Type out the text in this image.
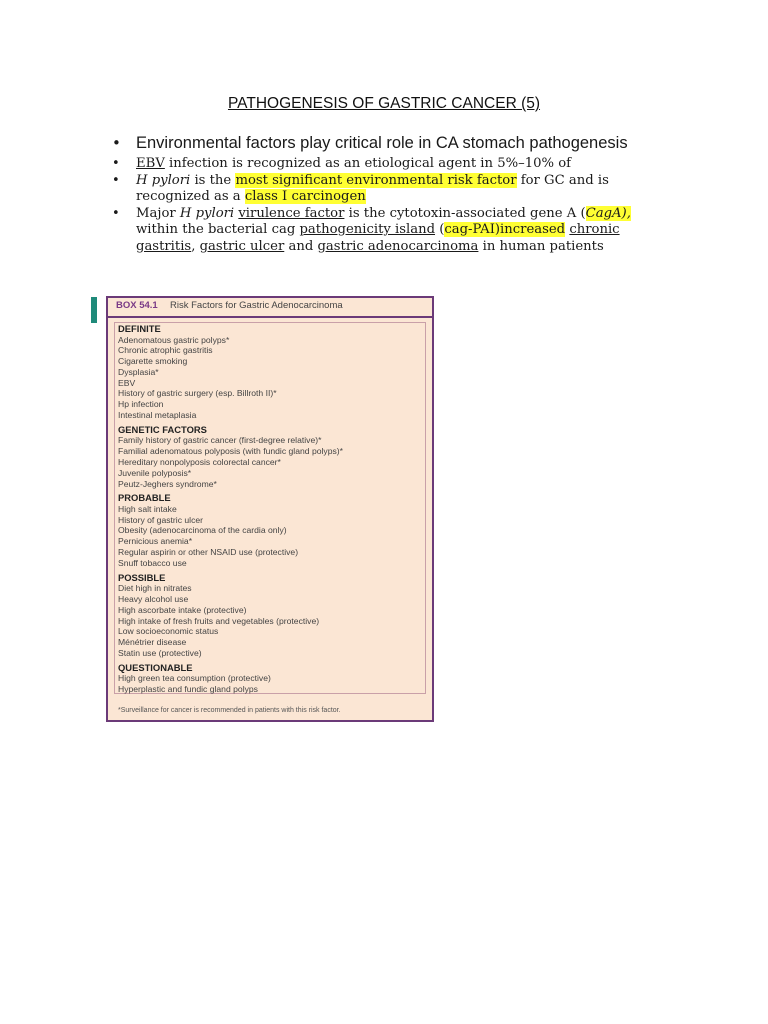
PATHOGENESIS OF GASTRIC CANCER (5)
• Environmental factors play critical role in CA stomach pathogenesis
• EBV infection is recognized as an etiological agent in 5%–10% of
• H pylori is the most significant environmental risk factor for GC and is recognized as a class I carcinogen
• Major H pylori virulence factor is the cytotoxin-associated gene A (CagA), within the bacterial cag pathogenicity island (cag-PAI)increased chronic gastritis, gastric ulcer and gastric adenocarcinoma in human patients
BOX 54.1 Risk Factors for Gastric Adenocarcinoma
DEFINITE
Adenomatous gastric polyps*
Chronic atrophic gastritis
Cigarette smoking
Dysplasia*
EBV
History of gastric surgery (esp. Billroth II)*
Hp infection
Intestinal metaplasia
GENETIC FACTORS
Family history of gastric cancer (first-degree relative)*
Familial adenomatous polyposis (with fundic gland polyps)*
Hereditary nonpolyposis colorectal cancer*
Juvenile polyposis*
Peutz-Jeghers syndrome*
PROBABLE
High salt intake
History of gastric ulcer
Obesity (adenocarcinoma of the cardia only)
Pernicious anemia*
Regular aspirin or other NSAID use (protective)
Snuff tobacco use
POSSIBLE
Diet high in nitrates
Heavy alcohol use
High ascorbate intake (protective)
High intake of fresh fruits and vegetables (protective)
Low socioeconomic status
Ménétrier disease
Statin use (protective)
QUESTIONABLE
High green tea consumption (protective)
Hyperplastic and fundic gland polyps
*Surveillance for cancer is recommended in patients with this risk factor.
